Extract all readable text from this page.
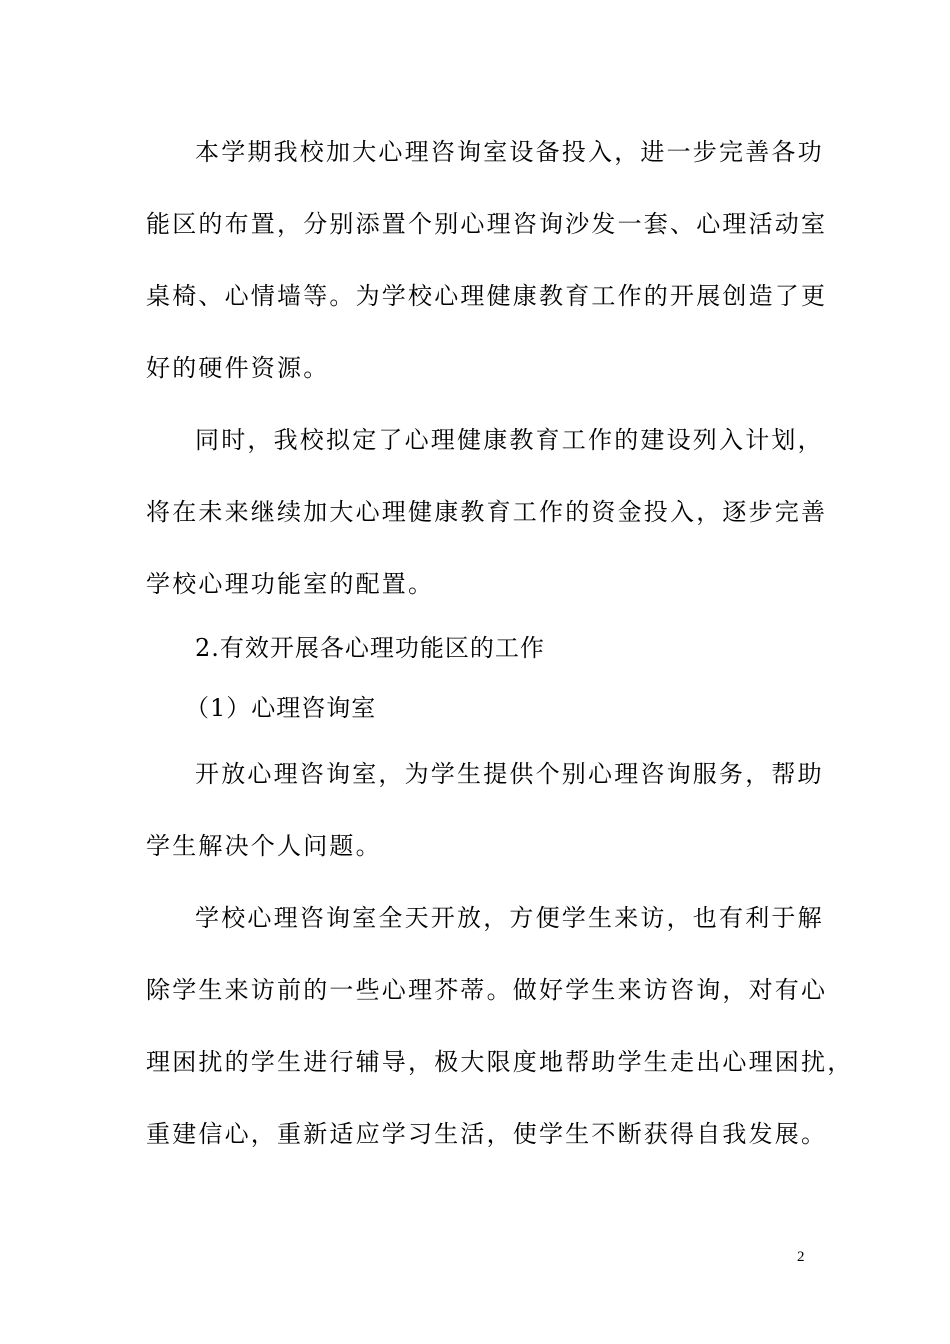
本学期我校加大心理咨询室设备投入，进一步完善各功
能区的布置，分别添置个别心理咨询沙发一套、心理活动室
桌椅、心情墙等。为学校心理健康教育工作的开展创造了更
好的硬件资源。
同时，我校拟定了心理健康教育工作的建设列入计划，
将在未来继续加大心理健康教育工作的资金投入，逐步完善
学校心理功能室的配置。
2.有效开展各心理功能区的工作
（1）心理咨询室
开放心理咨询室，为学生提供个别心理咨询服务，帮助
学生解决个人问题。
学校心理咨询室全天开放，方便学生来访，也有利于解
除学生来访前的一些心理芥蒂。做好学生来访咨询，对有心
理困扰的学生进行辅导，极大限度地帮助学生走出心理困扰，
重建信心，重新适应学习生活，使学生不断获得自我发展。
2
